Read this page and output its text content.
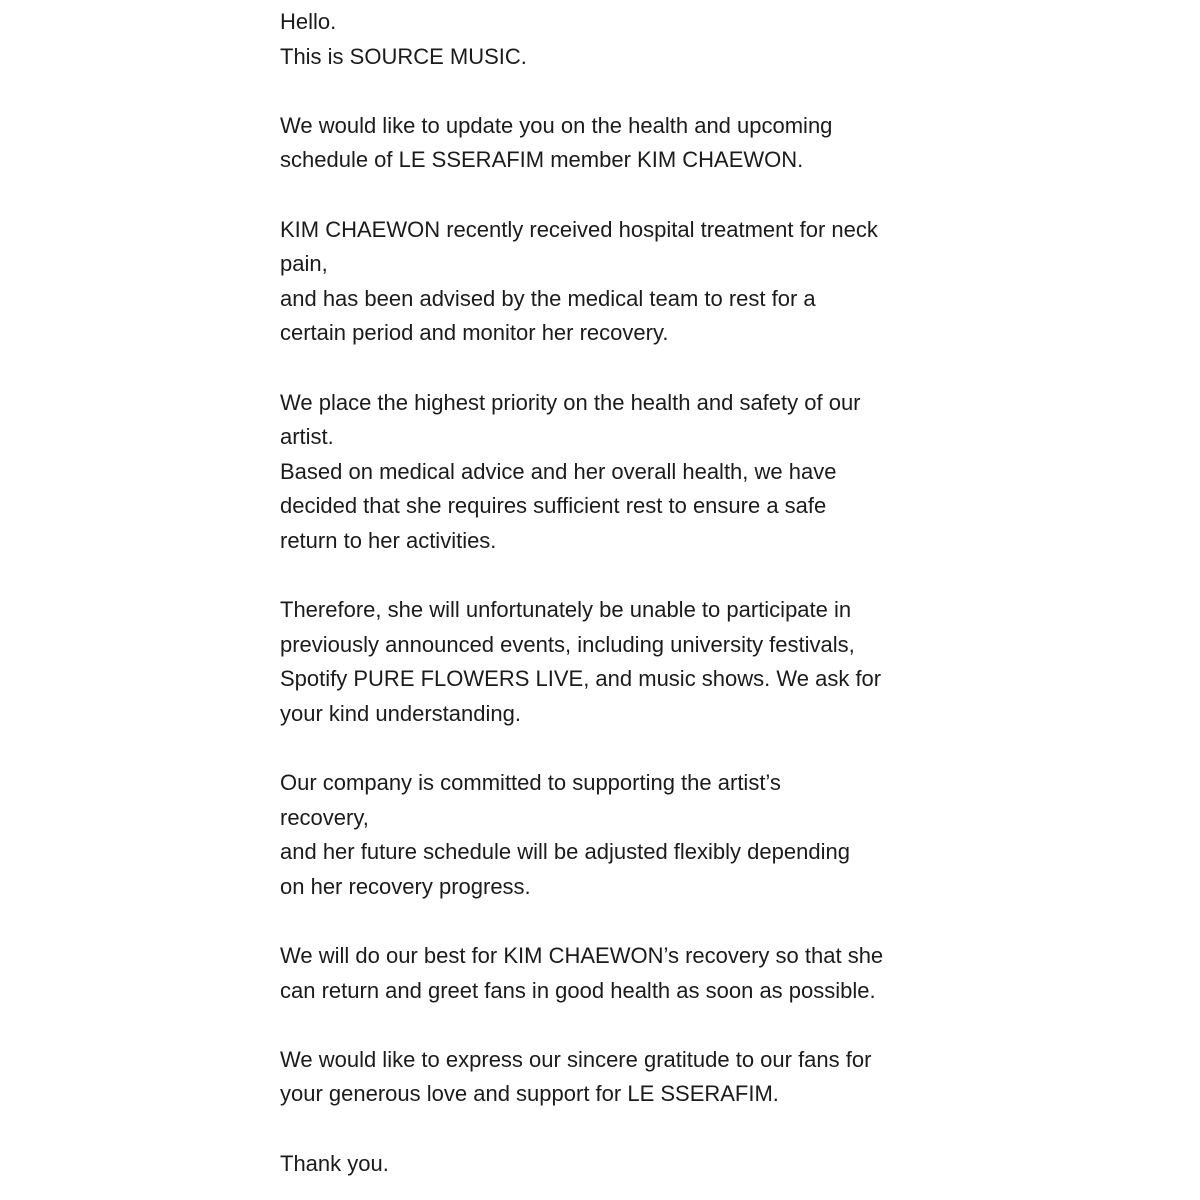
Hello.
This is SOURCE MUSIC.
We would like to update you on the health and upcoming
schedule of LE SSERAFIM member KIM CHAEWON.
KIM CHAEWON recently received hospital treatment for neck
pain,
and has been advised by the medical team to rest for a
certain period and monitor her recovery.
We place the highest priority on the health and safety of our
artist.
Based on medical advice and her overall health, we have
decided that she requires sufficient rest to ensure a safe
return to her activities.
Therefore, she will unfortunately be unable to participate in
previously announced events, including university festivals,
Spotify PURE FLOWERS LIVE, and music shows. We ask for
your kind understanding.
Our company is committed to supporting the artist’s
recovery,
and her future schedule will be adjusted flexibly depending
on her recovery progress.
We will do our best for KIM CHAEWON’s recovery so that she
can return and greet fans in good health as soon as possible.
We would like to express our sincere gratitude to our fans for
your generous love and support for LE SSERAFIM.
Thank you.
